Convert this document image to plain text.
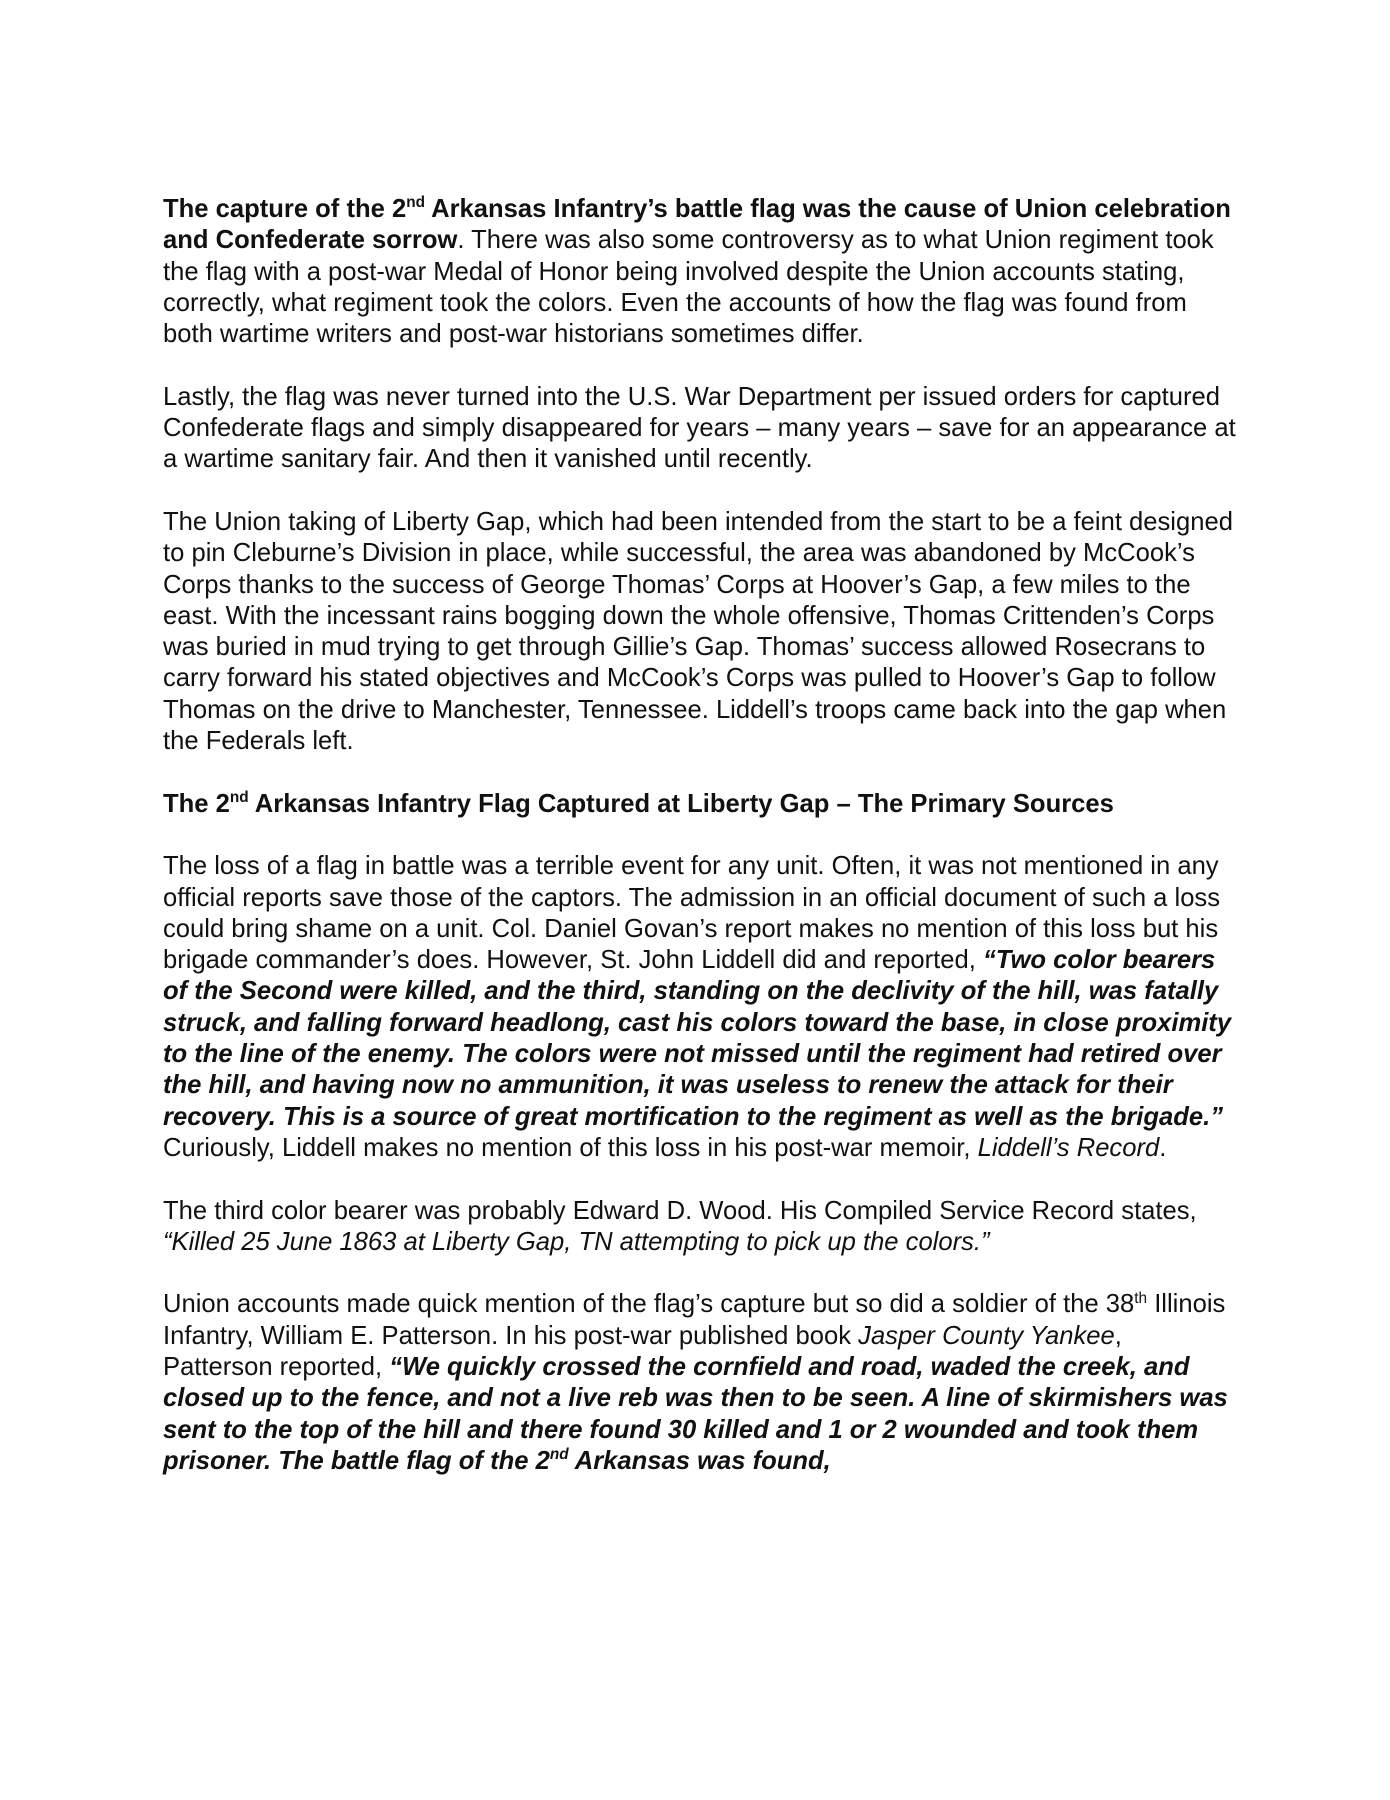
The capture of the 2nd Arkansas Infantry’s battle flag was the cause of Union celebration and Confederate sorrow. There was also some controversy as to what Union regiment took the flag with a post-war Medal of Honor being involved despite the Union accounts stating, correctly, what regiment took the colors. Even the accounts of how the flag was found from both wartime writers and post-war historians sometimes differ.

Lastly, the flag was never turned into the U.S. War Department per issued orders for captured Confederate flags and simply disappeared for years – many years – save for an appearance at a wartime sanitary fair. And then it vanished until recently.

The Union taking of Liberty Gap, which had been intended from the start to be a feint designed to pin Cleburne’s Division in place, while successful, the area was abandoned by McCook’s Corps thanks to the success of George Thomas’ Corps at Hoover’s Gap, a few miles to the east. With the incessant rains bogging down the whole offensive, Thomas Crittenden’s Corps was buried in mud trying to get through Gillie’s Gap. Thomas’ success allowed Rosecrans to carry forward his stated objectives and McCook’s Corps was pulled to Hoover’s Gap to follow Thomas on the drive to Manchester, Tennessee. Liddell’s troops came back into the gap when the Federals left.

The 2nd Arkansas Infantry Flag Captured at Liberty Gap – The Primary Sources

The loss of a flag in battle was a terrible event for any unit. Often, it was not mentioned in any official reports save those of the captors. The admission in an official document of such a loss could bring shame on a unit. Col. Daniel Govan’s report makes no mention of this loss but his brigade commander’s does. However, St. John Liddell did and reported, “Two color bearers of the Second were killed, and the third, standing on the declivity of the hill, was fatally struck, and falling forward headlong, cast his colors toward the base, in close proximity to the line of the enemy. The colors were not missed until the regiment had retired over the hill, and having now no ammunition, it was useless to renew the attack for their recovery. This is a source of great mortification to the regiment as well as the brigade.” Curiously, Liddell makes no mention of this loss in his post-war memoir, Liddell’s Record.

The third color bearer was probably Edward D. Wood. His Compiled Service Record states, “Killed 25 June 1863 at Liberty Gap, TN attempting to pick up the colors.”

Union accounts made quick mention of the flag’s capture but so did a soldier of the 38th Illinois Infantry, William E. Patterson. In his post-war published book Jasper County Yankee, Patterson reported, “We quickly crossed the cornfield and road, waded the creek, and closed up to the fence, and not a live reb was then to be seen. A line of skirmishers was sent to the top of the hill and there found 30 killed and 1 or 2 wounded and took them prisoner. The battle flag of the 2nd Arkansas was found,
